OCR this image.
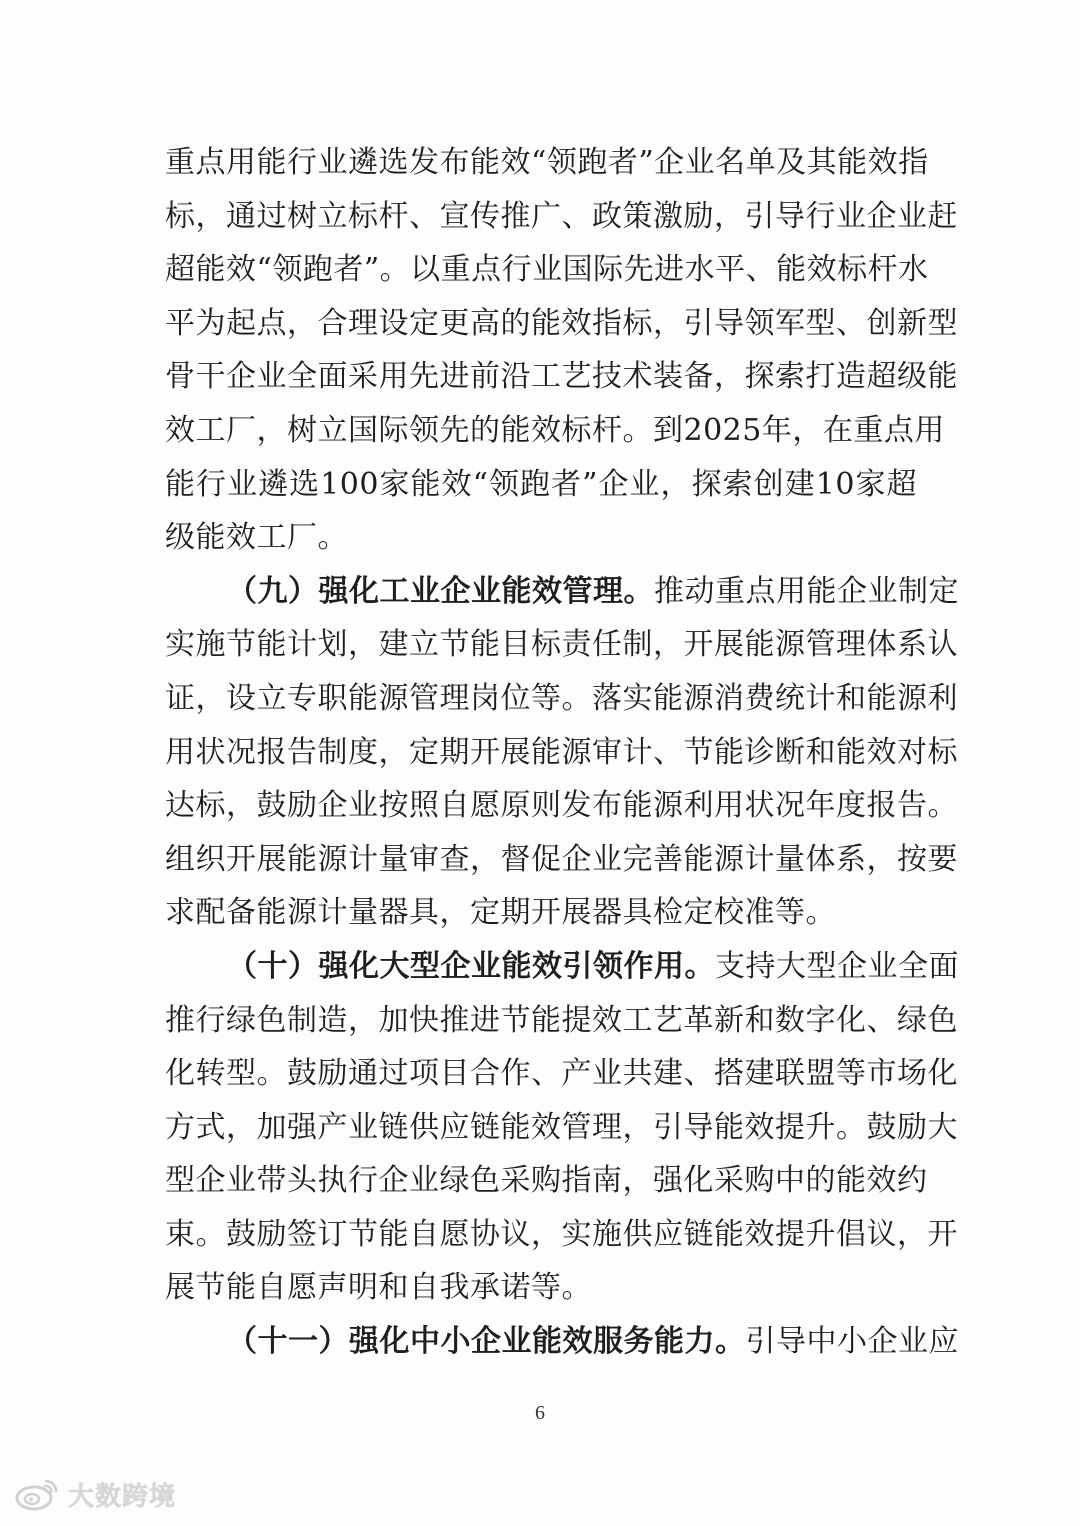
重点用能行业遴选发布能效“领跑者”企业名单及其能效指
标，通过树立标杆、宣传推广、政策激励，引导行业企业赶
超能效“领跑者”。以重点行业国际先进水平、能效标杆水
平为起点，合理设定更高的能效指标，引导领军型、创新型
骨干企业全面采用先进前沿工艺技术装备，探索打造超级能
效工厂，树立国际领先的能效标杆。到2025年，在重点用
能行业遴选100家能效“领跑者”企业，探索创建10家超
级能效工厂。
（九）强化工业企业能效管理。推动重点用能企业制定
实施节能计划，建立节能目标责任制，开展能源管理体系认
证，设立专职能源管理岗位等。落实能源消费统计和能源利
用状况报告制度，定期开展能源审计、节能诊断和能效对标
达标，鼓励企业按照自愿原则发布能源利用状况年度报告。
组织开展能源计量审查，督促企业完善能源计量体系，按要
求配备能源计量器具，定期开展器具检定校准等。
（十）强化大型企业能效引领作用。支持大型企业全面
推行绿色制造，加快推进节能提效工艺革新和数字化、绿色
化转型。鼓励通过项目合作、产业共建、搭建联盟等市场化
方式，加强产业链供应链能效管理，引导能效提升。鼓励大
型企业带头执行企业绿色采购指南，强化采购中的能效约
束。鼓励签订节能自愿协议，实施供应链能效提升倡议，开
展节能自愿声明和自我承诺等。
（十一）强化中小企业能效服务能力。引导中小企业应
6
大数跨境
